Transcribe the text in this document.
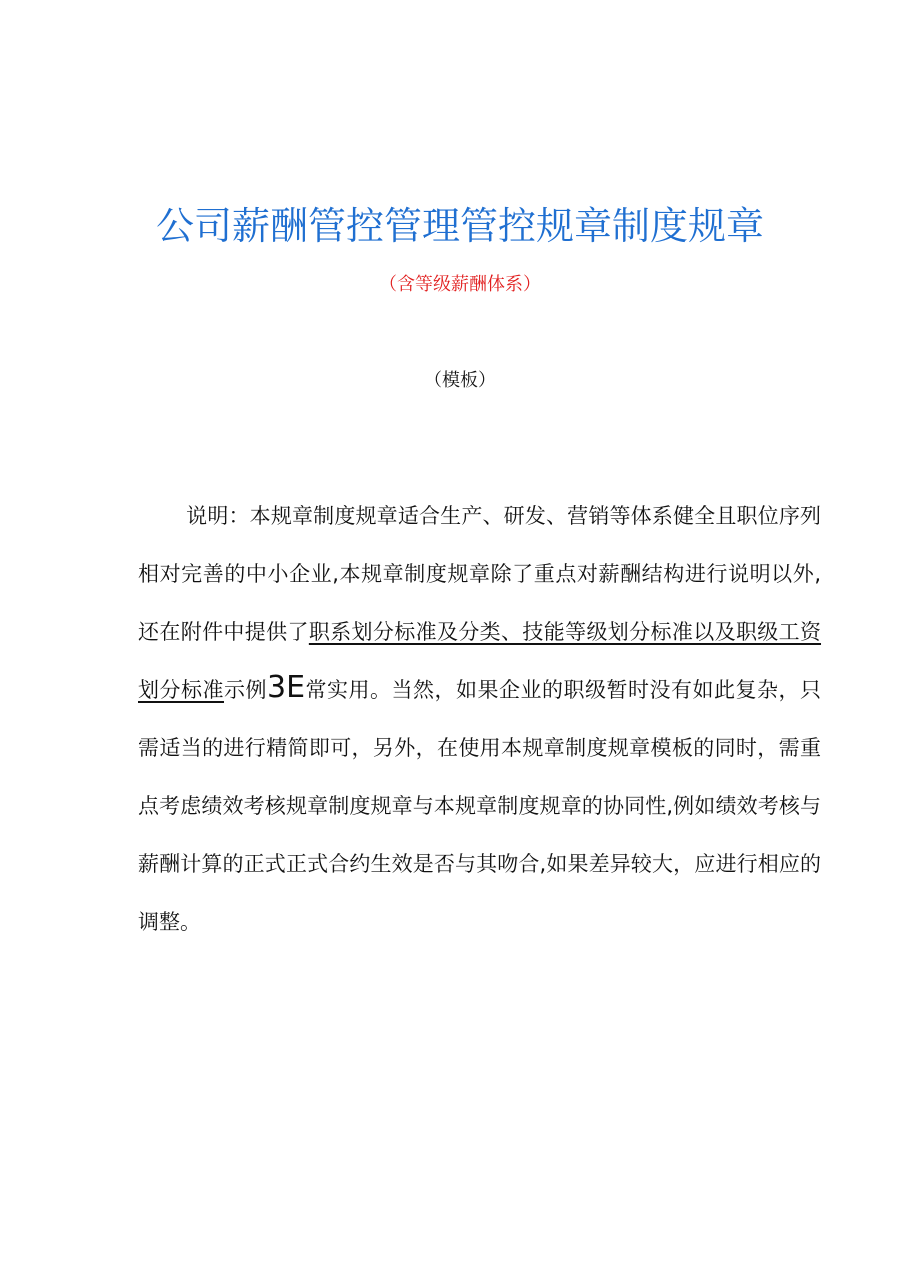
公司薪酬管控管理管控规章制度规章
（含等级薪酬体系）
（模板）
说明：本规章制度规章适合生产、研发、营销等体系健全且职位序列相对完善的中小企业,本规章制度规章除了重点对薪酬结构进行说明以外,还在附件中提供了职系划分标准及分类、技能等级划分标准以及职级工资划分标准示例3E常实用。当然，如果企业的职级暂时没有如此复杂，只需适当的进行精简即可，另外，在使用本规章制度规章模板的同时，需重点考虑绩效考核规章制度规章与本规章制度规章的协同性,例如绩效考核与薪酬计算的正式正式合约生效是否与其吻合,如果差异较大，应进行相应的调整。
